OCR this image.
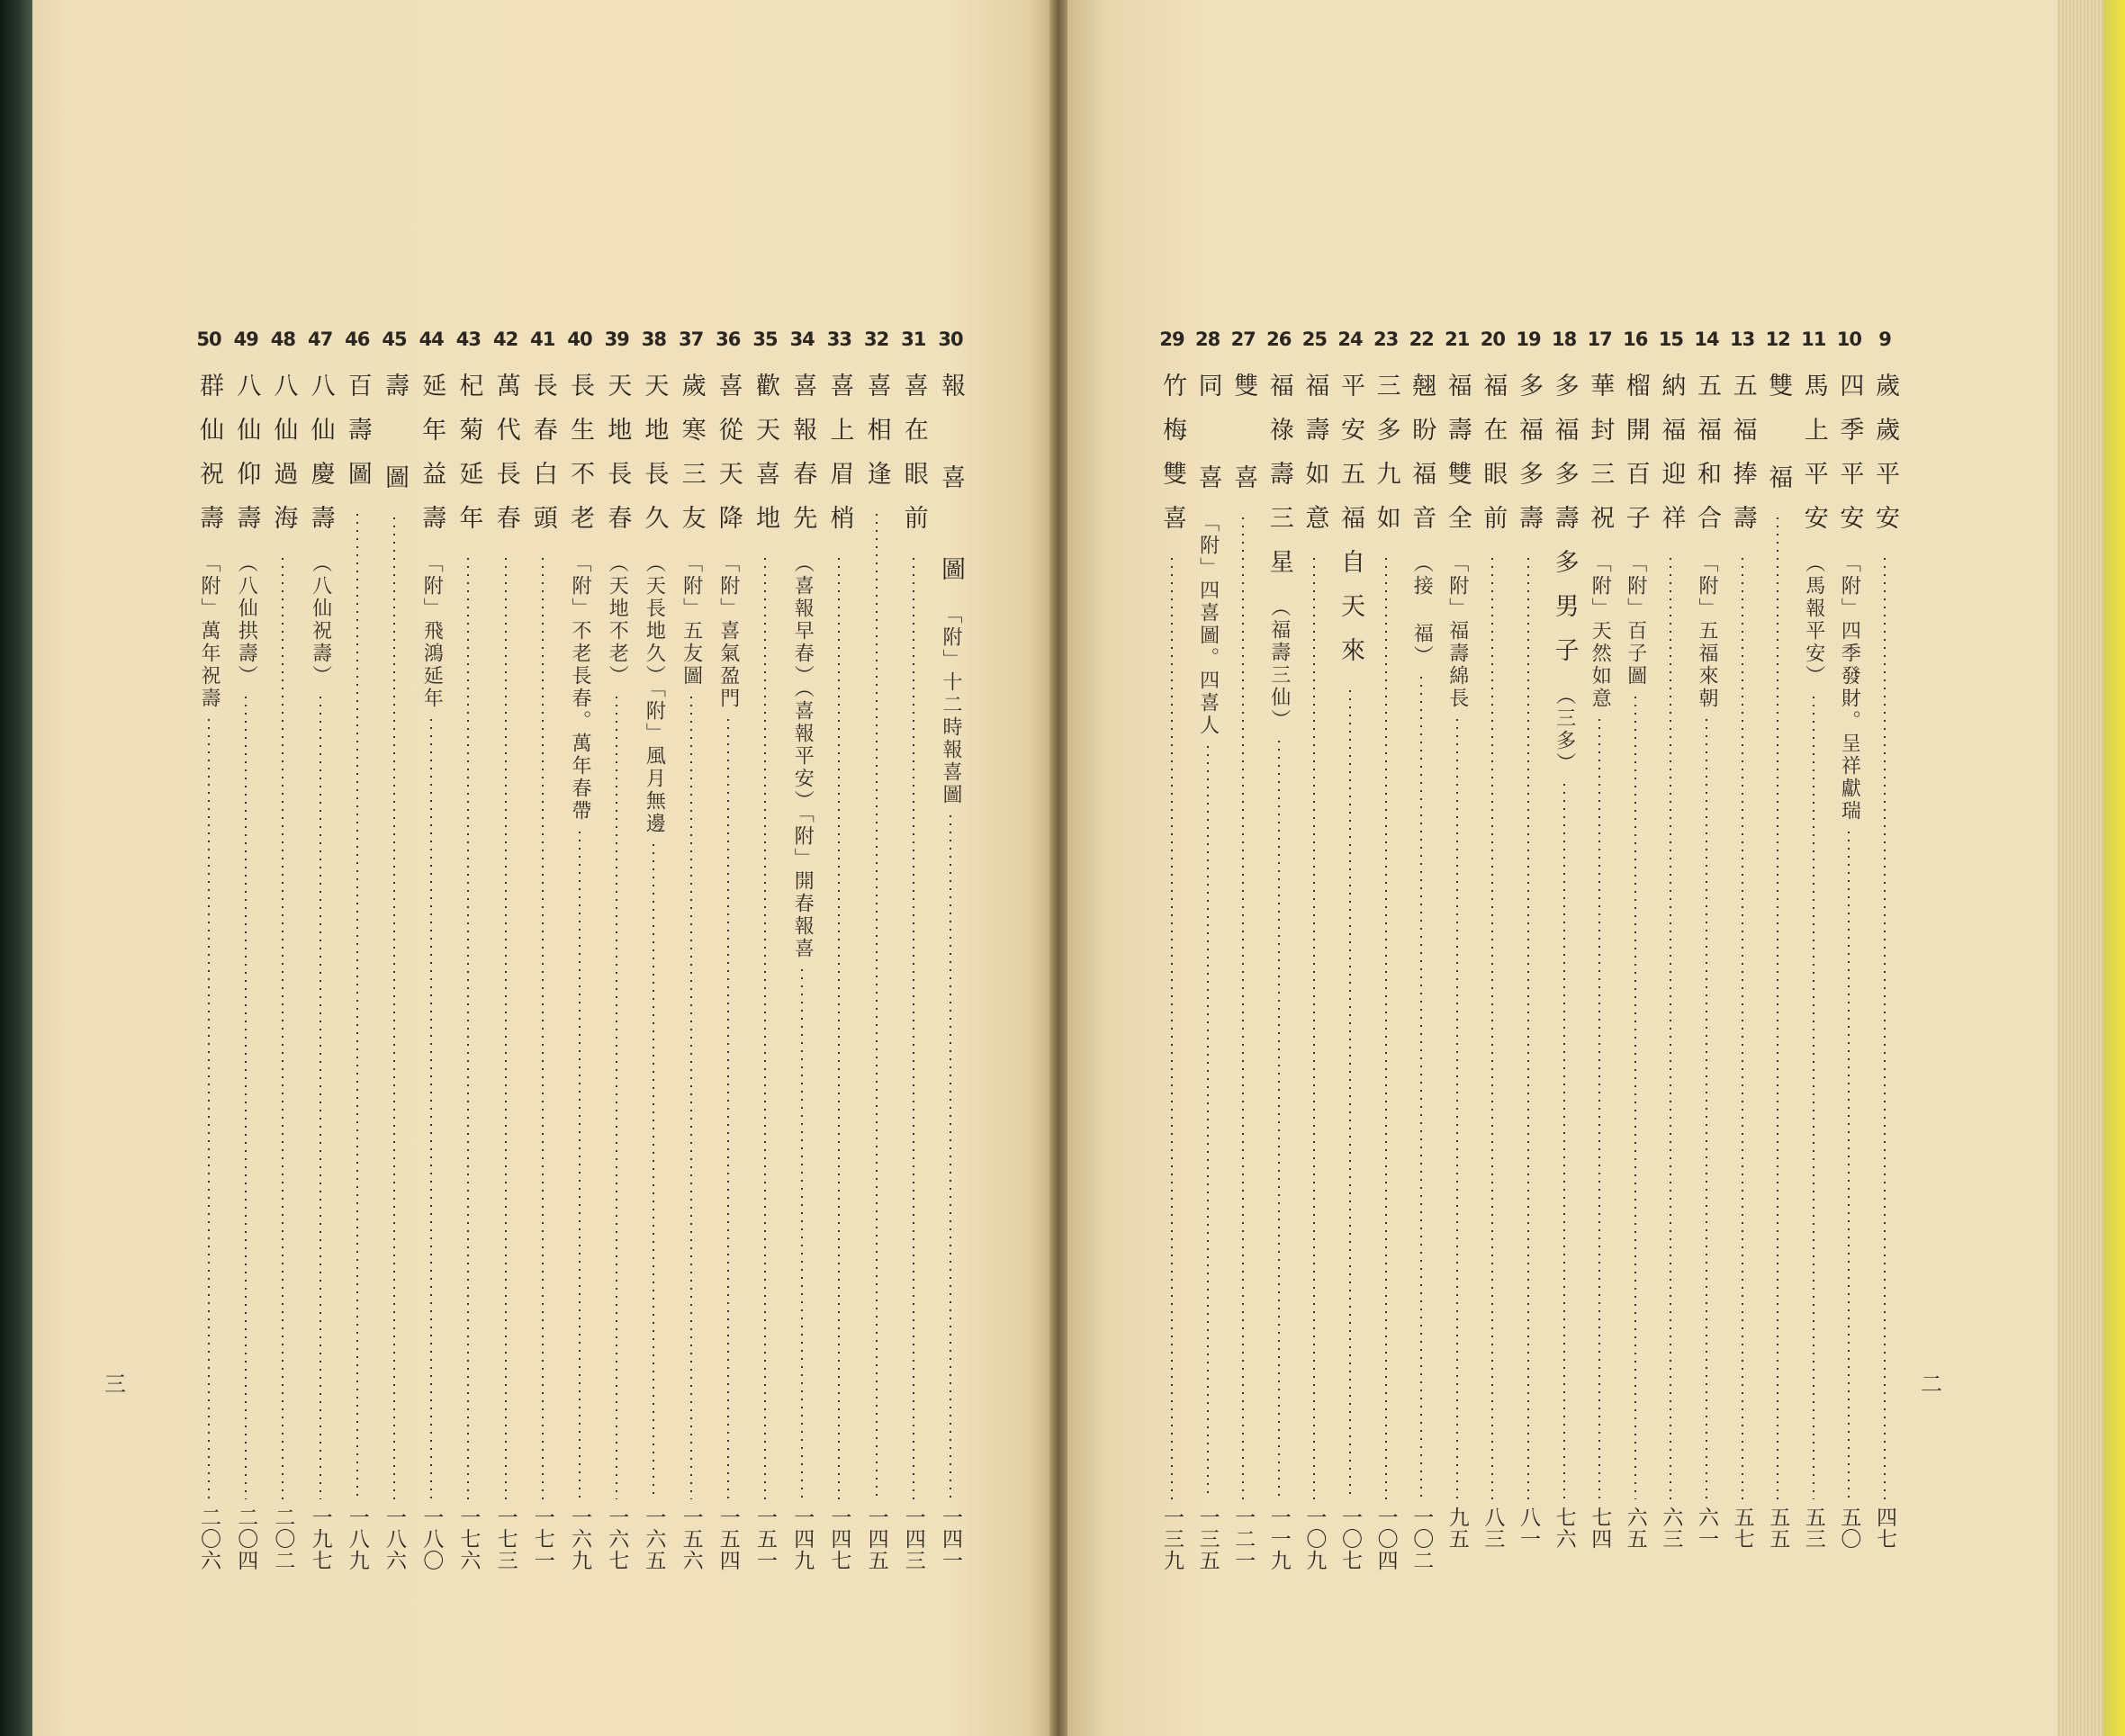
三
30
報 喜 圖
「附」十二時報喜圖
一四一
31
喜在眼前
一四三
32
喜相逢
一四五
33
喜上眉梢
一四七
34
喜報春先
（喜報早春）（喜報平安）「附」開春報喜
一四九
35
歡天喜地
一五一
36
喜從天降
「附」喜氣盈門
一五四
37
歲寒三友
「附」五友圖
一五六
38
天地長久
（天長地久）「附」風月無邊
一六五
39
天地長春
（天地不老）
一六七
40
長生不老
「附」不老長春。萬年春帶
一六九
41
長春白頭
一七一
42
萬代長春
一七三
43
杞菊延年
一七六
44
延年益壽
「附」飛鴻延年
一八〇
45
壽 圖
一八六
46
百壽圖
一八九
47
八仙慶壽
（八仙祝壽）
一九七
48
八仙過海
二〇二
49
八仙仰壽
（八仙拱壽）
二〇四
50
群仙祝壽
「附」萬年祝壽
二〇六
二
9
歲歲平安
四七
10
四季平安
「附」四季發財。呈祥獻瑞
五〇
11
馬上平安
（馬報平安）
五三
12
雙 福
五五
13
五福捧壽
五七
14
五福和合
「附」五福來朝
六一
15
納福迎祥
六三
16
榴開百子
「附」百子圖
六五
17
華封三祝
「附」天然如意
七四
18
多福多壽多男子
（三多）
七六
19
多福多壽
八一
20
福在眼前
八三
21
福壽雙全
「附」福壽綿長
九五
22
翹盼福音
（接 福）
一〇二
23
三多九如
一〇四
24
平安五福自天來
一〇七
25
福壽如意
一〇九
26
福祿壽三星
（福壽三仙）
一一九
27
雙 喜
一二一
28
同 喜
「附」四喜圖。四喜人
一三五
29
竹梅雙喜
一三九
